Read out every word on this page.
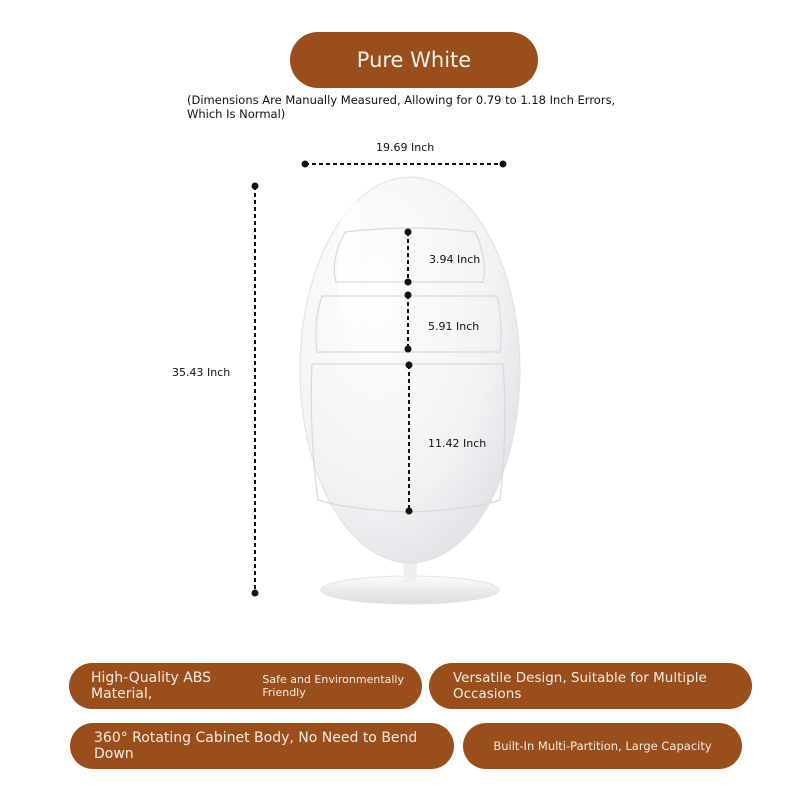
Pure White
(Dimensions Are Manually Measured, Allowing for 0.79 to 1.18 Inch Errors, Which Is Normal)
19.69 Inch
35.43 Inch
3.94 Inch
5.91 Inch
11.42 Inch
High-Quality ABS Material,
Safe and Environmentally Friendly
Versatile Design, Suitable for Multiple Occasions
360° Rotating Cabinet Body, No Need to Bend Down	Built-In Multi-Partition, Large Capacity
